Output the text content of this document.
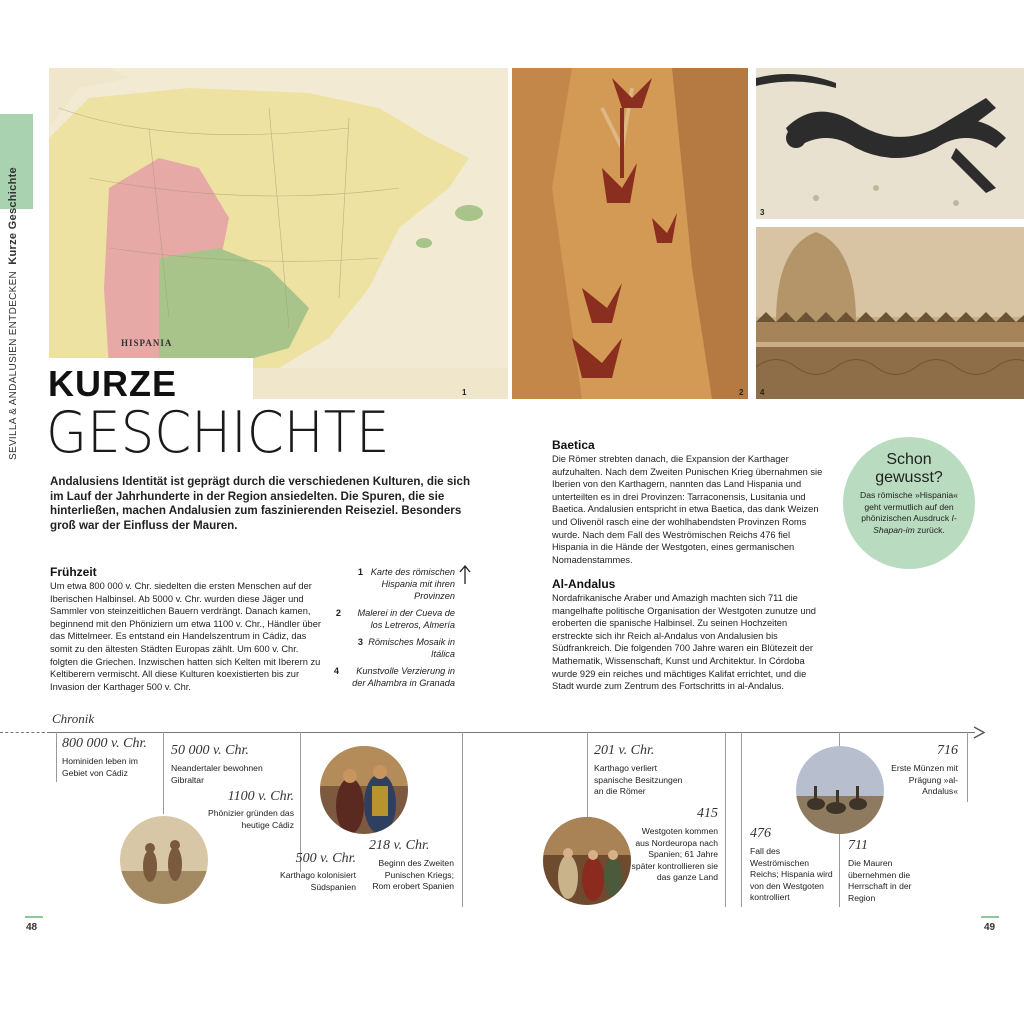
HISPANIA
1	2
3
4
SEVILLA & ANDALUSIEN ENTDECKEN  Kurze Geschichte
KURZE
GESCHICHTE
Andalusiens Identität ist geprägt durch die verschiedenen Kulturen, die sich im Lauf der Jahrhunderte in der Region ansiedelten. Die Spuren, die sie hinterließen, machen Andalusien zum faszinierenden Reiseziel. Besonders groß war der Einfluss der Mauren.
Frühzeit

Um etwa 800 000 v. Chr. siedelten die ersten Menschen auf der Iberischen Halbinsel. Ab 5000 v. Chr. wurden diese Jäger und Sammler von steinzeitlichen Bauern verdrängt. Danach kamen, beginnend mit den Phöniziern um etwa 1100 v. Chr., Händler über das Mittelmeer. Es entstand ein Handelszentrum in Cádiz, das somit zu den ältesten Städten Europas zählt. Um 600 v. Chr. folgten die Griechen. Inzwischen hatten sich Kelten mit Iberern zu Keltiberern vermischt. All diese Kulturen koexistierten bis zur Invasion der Karthager 500 v. Chr.

1 Karte des römischen Hispania mit ihren Provinzen
2	Malerei in der Cueva de los Letreros, Almería
3 Römisches Mosaik in Itálica
4	Kunstvolle Verzierung in der Alhambra in Granada
Baetica

Die Römer strebten danach, die Expansion der Karthager aufzuhalten. Nach dem Zweiten Punischen Krieg übernahmen sie Iberien von den Karthagern, nannten das Land Hispania und unterteilten es in drei Provinzen: Tarraconensis, Lusitania und Baetica. Andalusien entspricht in etwa Baetica, das dank Weizen und Olivenöl rasch eine der wohlhabendsten Provinzen Roms wurde. Nach dem Fall des Weströmischen Reichs 476 fiel Hispania in die Hände der Westgoten, eines germanischen Nomadenstammes.

Al-Andalus

Nordafrikanische Araber und Amazigh machten sich 711 die mangelhafte politische Organisation der Westgoten zunutze und eroberten die spanische Halbinsel. Zu seinen Hochzeiten erstreckte sich ihr Reich al-Andalus von Andalusien bis Südfrankreich. Die folgenden 700 Jahre waren ein Blütezeit der Mathematik, Wissenschaft, Kunst und Architektur. In Córdoba wurde 929 ein reiches und mächtiges Kalifat errichtet, und die Stadt wurde zum Zentrum des Fortschritts in al-Andalus.

Schon gewusst?
Das römische »Hispania« geht vermutlich auf den phönizischen Ausdruck I-Shapan-im zurück.
Chronik
800 000 v. Chr.
Hominiden leben im Gebiet von Cádiz
50 000 v. Chr.
Neandertaler bewohnen Gibraltar
1100 v. Chr.
Phönizier gründen das heutige Cádiz
500 v. Chr.
Karthago kolonisiert Südspanien
218 v. Chr.
Beginn des Zweiten Punischen Kriegs; Rom erobert Spanien
201 v. Chr.
Karthago verliert spanische Besitzungen an die Römer
415
Westgoten kommen aus Nordeuropa nach Spanien; 61 Jahre später kontrollieren sie das ganze Land
476
Fall des Weströmischen Reichs; Hispania wird von den Westgoten kontrolliert
711
Die Mauren übernehmen die Herrschaft in der Region
716
Erste Münzen mit Prägung »al-Andalus«
48	49
